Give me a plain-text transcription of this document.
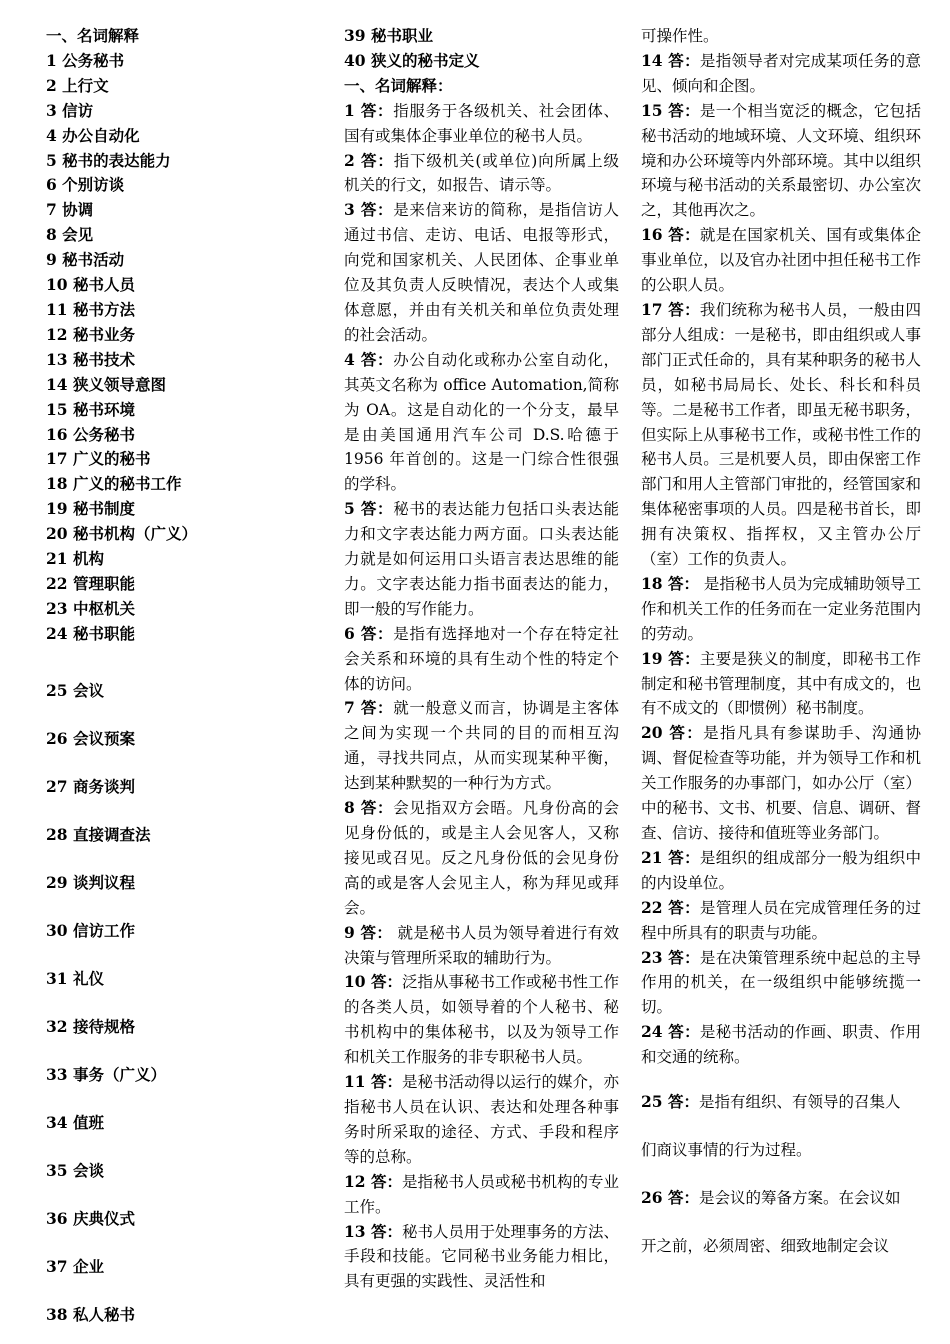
一、名词解释
1 公务秘书
2 上行文
3 信访
4 办公自动化
5 秘书的表达能力
6 个别访谈
7 协调
8 会见
9 秘书活动
10 秘书人员
11 秘书方法
12 秘书业务
13 秘书技术
14 狭义领导意图
15 秘书环境
16 公务秘书
17 广义的秘书
18 广义的秘书工作
19 秘书制度
20 秘书机构（广义）
21 机构
22 管理职能
23 中枢机关
24 秘书职能
25 会议
26 会议预案
27 商务谈判
28 直接调查法
29 谈判议程
30 信访工作
31 礼仪
32 接待规格
33 事务（广义）
34 值班
35 会谈
36 庆典仪式
37 企业
38 私人秘书
39 秘书职业
40 狭义的秘书定义
一、名词解释：
1 答：指服务于各级机关、社会团体、国有或集体企事业单位的秘书人员。
2 答：指下级机关(或单位)向所属上级机关的行文，如报告、请示等。
3 答：是来信来访的简称，是指信访人通过书信、走访、电话、电报等形式，向党和国家机关、人民团体、企事业单位及其负责人反映情况，表达个人或集体意愿，并由有关机关和单位负责处理的社会活动。
4 答：办公自动化或称办公室自动化，其英文名称为 office Automation,简称为 OA。这是自动化的一个分支，最早是由美国通用汽车公司 D.S.哈德于 1956 年首创的。这是一门综合性很强的学科。
5 答：秘书的表达能力包括口头表达能力和文字表达能力两方面。口头表达能力就是如何运用口头语言表达思维的能力。文字表达能力指书面表达的能力，即一般的写作能力。
6 答：是指有选择地对一个存在特定社会关系和环境的具有生动个性的特定个体的访问。
7 答：就一般意义而言，协调是主客体之间为实现一个共同的目的而相互沟通，寻找共同点，从而实现某种平衡，达到某种默契的一种行为方式。
8 答：会见指双方会晤。凡身份高的会见身份低的，或是主人会见客人，又称接见或召见。反之凡身份低的会见身份高的或是客人会见主人，称为拜见或拜会。
9 答： 就是秘书人员为领导着进行有效决策与管理所采取的辅助行为。
10 答：泛指从事秘书工作或秘书性工作的各类人员，如领导着的个人秘书、秘书机构中的集体秘书，以及为领导工作和机关工作服务的非专职秘书人员。
11 答：是秘书活动得以运行的媒介，亦指秘书人员在认识、表达和处理各种事务时所采取的途径、方式、手段和程序等的总称。
12 答：是指秘书人员或秘书机构的专业工作。
13 答：秘书人员用于处理事务的方法、手段和技能。它同秘书业务能力相比，具有更强的实践性、灵活性和
可操作性。
14 答：是指领导者对完成某项任务的意见、倾向和企图。
15 答：是一个相当宽泛的概念，它包括秘书活动的地域环境、人文环境、组织环境和办公环境等内外部环境。其中以组织环境与秘书活动的关系最密切、办公室次之，其他再次之。
16 答：就是在国家机关、国有或集体企事业单位，以及官办社团中担任秘书工作的公职人员。
17 答：我们统称为秘书人员，一般由四部分人组成：一是秘书，即由组织或人事部门正式任命的，具有某种职务的秘书人员，如秘书局局长、处长、科长和科员等。二是秘书工作者，即虽无秘书职务，但实际上从事秘书工作，或秘书性工作的秘书人员。三是机要人员，即由保密工作部门和用人主管部门审批的，经管国家和集体秘密事项的人员。四是秘书首长，即拥有决策权、指挥权，又主管办公厅（室）工作的负责人。
18 答： 是指秘书人员为完成辅助领导工作和机关工作的任务而在一定业务范围内的劳动。
19 答：主要是狭义的制度，即秘书工作制定和秘书管理制度，其中有成文的，也有不成文的（即惯例）秘书制度。
20 答：是指凡具有参谋助手、沟通协调、督促检查等功能，并为领导工作和机关工作服务的办事部门，如办公厅（室）中的秘书、文书、机要、信息、调研、督查、信访、接待和值班等业务部门。
21 答：是组织的组成部分一般为组织中的内设单位。
22 答：是管理人员在完成管理任务的过程中所具有的职责与功能。
23 答：是在决策管理系统中起总的主导作用的机关，在一级组织中能够统揽一切。
24 答：是秘书活动的作画、职责、作用和交通的统称。
25 答：是指有组织、有领导的召集人
们商议事情的行为过程。
26 答：是会议的筹备方案。在会议如
开之前，必须周密、细致地制定会议
